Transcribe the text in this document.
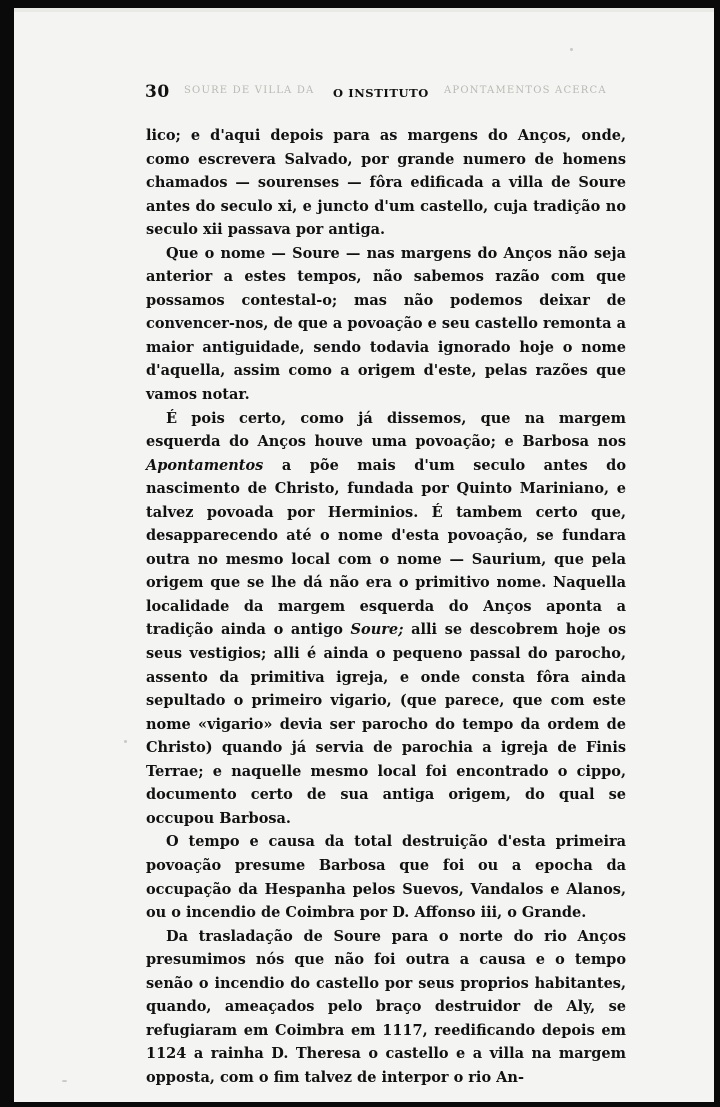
SOURE DE VILLA DA	APONTAMENTOS ACERCA
30	O INSTITUTO

lico; e d'aqui depois para as margens do Anços, onde, como escrevera Salvado, por grande numero de homens chamados — sourenses — fôra edificada a villa de Soure antes do seculo xi, e juncto d'um castello, cuja tradição no seculo xii passava por antiga.

Que o nome — Soure — nas margens do Anços não seja anterior a estes tempos, não sabemos razão com que possamos contestal-o; mas não podemos deixar de convencer-nos, de que a povoação e seu castello remonta a maior antiguidade, sendo todavia ignorado hoje o nome d'aquella, assim como a origem d'este, pelas razões que vamos notar.

É pois certo, como já dissemos, que na margem esquerda do Anços houve uma povoação; e Barbosa nos Apontamentos a põe mais d'um seculo antes do nascimento de Christo, fundada por Quinto Mariniano, e talvez povoada por Herminios. É tambem certo que, desapparecendo até o nome d'esta povoação, se fundara outra no mesmo local com o nome — Saurium, que pela origem que se lhe dá não era o primitivo nome. Naquella localidade da margem esquerda do Anços aponta a tradição ainda o antigo Soure; alli se descobrem hoje os seus vestigios; alli é ainda o pequeno passal do parocho, assento da primitiva igreja, e onde consta fôra ainda sepultado o primeiro vigario, (que parece, que com este nome «vigario» devia ser parocho do tempo da ordem de Christo) quando já servia de parochia a igreja de Finis Terrae; e naquelle mesmo local foi encontrado o cippo, documento certo de sua antiga origem, do qual se occupou Barbosa.

O tempo e causa da total destruição d'esta primeira povoação presume Barbosa que foi ou a epocha da occupação da Hespanha pelos Suevos, Vandalos e Alanos, ou o incendio de Coimbra por D. Affonso iii, o Grande.

Da trasladação de Soure para o norte do rio Anços presumimos nós que não foi outra a causa e o tempo senão o incendio do castello por seus proprios habitantes, quando, ameaçados pelo braço destruidor de Aly, se refugiaram em Coimbra em 1117, reedificando depois em 1124 a rainha D. Theresa o castello e a villa na margem opposta, com o fim talvez de interpor o rio An-
